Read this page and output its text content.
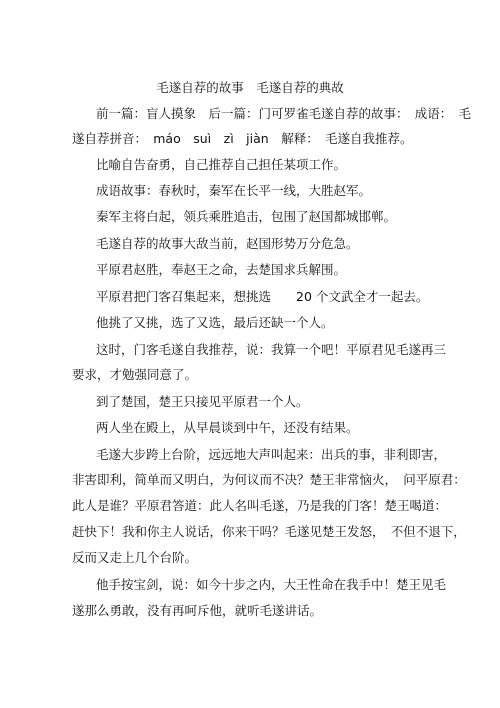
毛遂自荐的故事　毛遂自荐的典故
前一篇：盲人摸象　后一篇：门可罗雀毛遂自荐的故事：　成语：　毛
遂自荐拼音：　máo　suì　zì　jiàn　解释：　毛遂自我推荐。
比喻自告奋勇，自己推荐自己担任某项工作。
成语故事：春秋时，秦军在长平一线，大胜赵军。
秦军主将白起，领兵乘胜追击，包围了赵国都城邯郸。
毛遂自荐的故事大敌当前，赵国形势万分危急。
平原君赵胜，奉赵王之命，去楚国求兵解围。
平原君把门客召集起来，想挑选　　20 个文武全才一起去。
他挑了又挑，选了又选，最后还缺一个人。
这时，门客毛遂自我推荐，说：我算一个吧！平原君见毛遂再三
要求，才勉强同意了。
到了楚国，楚王只接见平原君一个人。
两人坐在殿上，从早晨谈到中午，还没有结果。
毛遂大步跨上台阶，远远地大声叫起来：出兵的事，非利即害，
非害即利，简单而又明白，为何议而不决？楚王非常恼火，　问平原君：
此人是谁？平原君答道：此人名叫毛遂，乃是我的门客！楚王喝道：
赶快下！我和你主人说话，你来干吗？毛遂见楚王发怒，　不但不退下，
反而又走上几个台阶。
他手按宝剑，说：如今十步之内，大王性命在我手中！楚王见毛
遂那么勇敢，没有再呵斥他，就听毛遂讲话。
